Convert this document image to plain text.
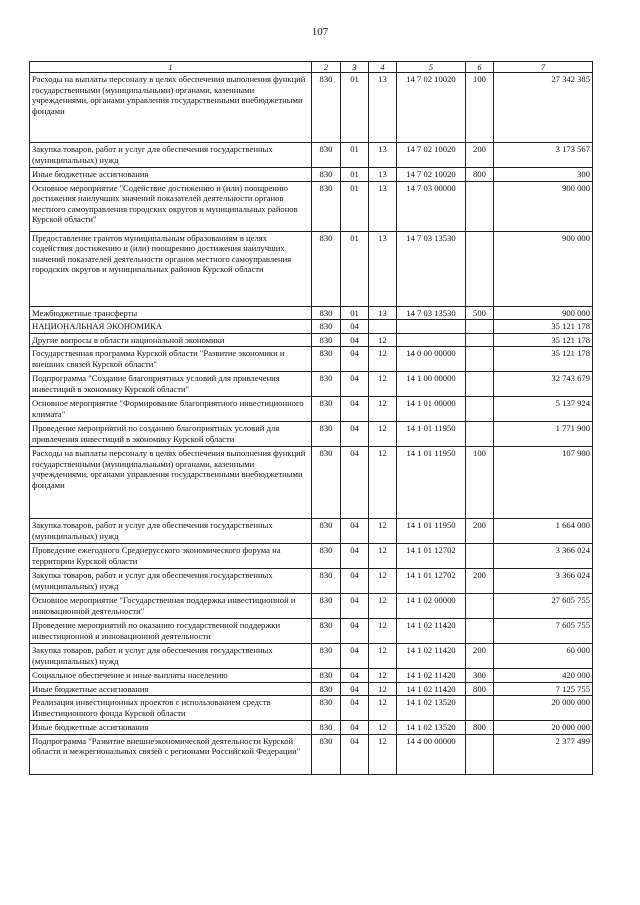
107
1	2	3	4	5	6	7
Расходы на выплаты персоналу в целях обеспечения выполнения функций государственными (муниципальными) органами, казенными учреждениями, органами управления государственными внебюджетными фондами	830	01	13	14 7 02 10020	100	27 342 385
Закупка товаров, работ и услуг для обеспечения государственных (муниципальных) нужд	830	01	13	14 7 02 10020	200	3 173 567
Иные бюджетные ассигнования	830	01	13	14 7 02 10020	800	300
Основное мероприятие "Содействие достижению и (или) поощрению достижения наилучших значений показателей деятельности органов местного самоуправления городских округов и муниципальных районов Курской области"	830	01	13	14 7 03 00000		900 000
Предоставление грантов муниципальным образованиям в целях содействия достижению и (или) поощрению достижения наилучших значений показателей деятельности органов местного самоуправления городских округов и муниципальных районов Курской области	830	01	13	14 7 03 13530		900 000
Межбюджетные трансферты	830	01	13	14 7 03 13530	500	900 000
НАЦИОНАЛЬНАЯ ЭКОНОМИКА	830	04				35 121 178
Другие вопросы в области национальной экономики	830	04	12			35 121 178
Государственная программа Курской области "Развитие экономики и внешних связей Курской области"	830	04	12	14 0 00 00000		35 121 178
Подпрограмма "Создание благоприятных условий для привлечения инвестиций в экономику Курской области"	830	04	12	14 1 00 00000		32 743 679
Основное мероприятие "Формирование благоприятного инвестиционного климата"	830	04	12	14 1 01 00000		5 137 924
Проведение мероприятий по созданию благоприятных условий для привлечения инвестиций в экономику Курской области	830	04	12	14 1 01 11950		1 771 900
Расходы на выплаты персоналу в целях обеспечения выполнения функций государственными (муниципальными) органами, казенными учреждениями, органами управления государственными внебюджетными фондами	830	04	12	14 1 01 11950	100	107 900
Закупка товаров, работ и услуг для обеспечения государственных (муниципальных) нужд	830	04	12	14 1 01 11950	200	1 664 000
Проведение ежегодного Среднерусского экономического форума на территории Курской области	830	04	12	14 1 01 12702		3 366 024
Закупка товаров, работ и услуг для обеспечения государственных (муниципальных) нужд	830	04	12	14 1 01 12702	200	3 366 024
Основное мероприятие "Государственная поддержка инвестиционной и инновационной деятельности"	830	04	12	14 1 02 00000		27 605 755
Проведение мероприятий по оказанию государственной поддержки инвестиционной и инновационной деятельности	830	04	12	14 1 02 11420		7 605 755
Закупка товаров, работ и услуг для обеспечения государственных (муниципальных) нужд	830	04	12	14 1 02 11420	200	60 000
Социальное обеспечение и иные выплаты населению	830	04	12	14 1 02 11420	300	420 000
Иные бюджетные ассигнования	830	04	12	14 1 02 11420	800	7 125 755
Реализация инвестиционных проектов с использованием средств Инвестиционного фонда Курской области	830	04	12	14 1 02 13520		20 000 000
Иные бюджетные ассигнования	830	04	12	14 1 02 13520	800	20 000 000
Подпрограмма "Развитие внешнеэкономической деятельности Курской области и межрегиональных связей с регионами Российской Федерации"	830	04	12	14 4 00 00000		2 377 499
